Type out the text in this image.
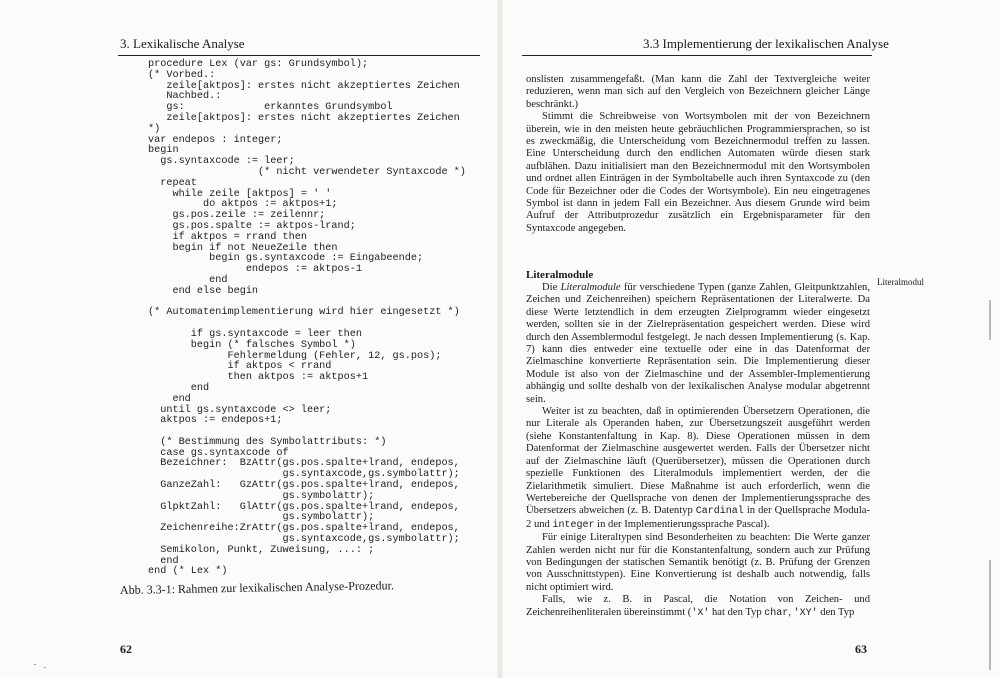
3. Lexikalische Analyse
procedure Lex (var gs: Grundsymbol);
(* Vorbed.:
zeile[aktpos]: erstes nicht akzeptiertes Zeichen
Nachbed.:
gs:             erkanntes Grundsymbol
zeile[aktpos]: erstes nicht akzeptiertes Zeichen
*)
var endepos : integer;
begin
gs.syntaxcode := leer;
(* nicht verwendeter Syntaxcode *)
repeat
while zeile [aktpos] = ' '
do aktpos := aktpos+1;
gs.pos.zeile := zeilennr;
gs.pos.spalte := aktpos-lrand;
if aktpos = rrand then
begin if not NeueZeile then
begin gs.syntaxcode := Eingabeende;
endepos := aktpos-1
end
end else begin

(* Automatenimplementierung wird hier eingesetzt *)

if gs.syntaxcode = leer then
begin (* falsches Symbol *)
Fehlermeldung (Fehler, 12, gs.pos);
if aktpos < rrand
then aktpos := aktpos+1
end
end
until gs.syntaxcode <> leer;
aktpos := endepos+1;

(* Bestimmung des Symbolattributs: *)
case gs.syntaxcode of
Bezeichner:  BzAttr(gs.pos.spalte+lrand, endepos,
gs.syntaxcode,gs.symbolattr);
GanzeZahl:   GzAttr(gs.pos.spalte+lrand, endepos,
gs.symbolattr);
GlpktZahl:   GlAttr(gs.pos.spalte+lrand, endepos,
gs.symbolattr);
Zeichenreihe:ZrAttr(gs.pos.spalte+lrand, endepos,
gs.syntaxcode,gs.symbolattr);
Semikolon, Punkt, Zuweisung, ...: ;
end
end (* Lex *)
Abb. 3.3-1: Rahmen zur lexikalischen Analyse-Prozedur.
62
3.3 Implementierung der lexikalischen Analyse

onslisten zusammengefaßt. (Man kann die Zahl der Textvergleiche weiter reduzieren, wenn man sich auf den Vergleich von Bezeichnern gleicher Länge beschränkt.)

Stimmt die Schreibweise von Wortsymbolen mit der von Bezeichnern überein, wie in den meisten heute gebräuchlichen Programmiersprachen, so ist es zweckmäßig, die Unterscheidung vom Bezeichnermodul treffen zu lassen. Eine Unterscheidung durch den endlichen Automaten würde diesen stark aufblähen. Dazu initialisiert man den Bezeichnermodul mit den Wortsymbolen und ordnet allen Einträgen in der Symboltabelle auch ihren Syntaxcode zu (den Code für Bezeichner oder die Codes der Wortsymbole). Ein neu eingetragenes Symbol ist dann in jedem Fall ein Bezeichner. Aus diesem Grunde wird beim Aufruf der Attributprozedur zusätzlich ein Ergebnisparameter für den Syntaxcode angegeben.

Literalmodule
Literalmodul

Die Literalmodule für verschiedene Typen (ganze Zahlen, Gleitpunktzahlen, Zeichen und Zeichenreihen) speichern Repräsentationen der Literalwerte. Da diese Werte letztendlich in dem erzeugten Zielprogramm wieder eingesetzt werden, sollten sie in der Zielrepräsentation gespeichert werden. Diese wird durch den Assemblermodul festgelegt. Je nach dessen Implementierung (s. Kap. 7) kann dies entweder eine textuelle oder eine in das Datenformat der Zielmaschine konvertierte Repräsentation sein. Die Implementierung dieser Module ist also von der Zielmaschine und der Assembler-Implementierung abhängig und sollte deshalb von der lexikalischen Analyse modular abgetrennt sein.

Weiter ist zu beachten, daß in optimierenden Übersetzern Operationen, die nur Literale als Operanden haben, zur Übersetzungszeit ausgeführt werden (siehe Konstantenfaltung in Kap. 8). Diese Operationen müssen in dem Datenformat der Zielmaschine ausgewertet werden. Falls der Übersetzer nicht auf der Zielmaschine läuft (Querübersetzer), müssen die Operationen durch spezielle Funktionen des Literalmoduls implementiert werden, der die Zielarithmetik simuliert. Diese Maßnahme ist auch erforderlich, wenn die Wertebereiche der Quellsprache von denen der Implementierungssprache des Übersetzers abweichen (z. B. Datentyp Cardinal in der Quellsprache Modula-2 und integer in der Implementierungssprache Pascal).

Für einige Literaltypen sind Besonderheiten zu beachten: Die Werte ganzer Zahlen werden nicht nur für die Konstantenfaltung, sondern auch zur Prüfung von Bedingungen der statischen Semantik benötigt (z. B. Prüfung der Grenzen von Ausschnittstypen). Eine Konvertierung ist deshalb auch notwendig, falls nicht optimiert wird.

Falls, wie z. B. in Pascal, die Notation von Zeichen- und Zeichenreihenliteralen übereinstimmt ('X' hat den Typ char, 'XY' den Typ

63
